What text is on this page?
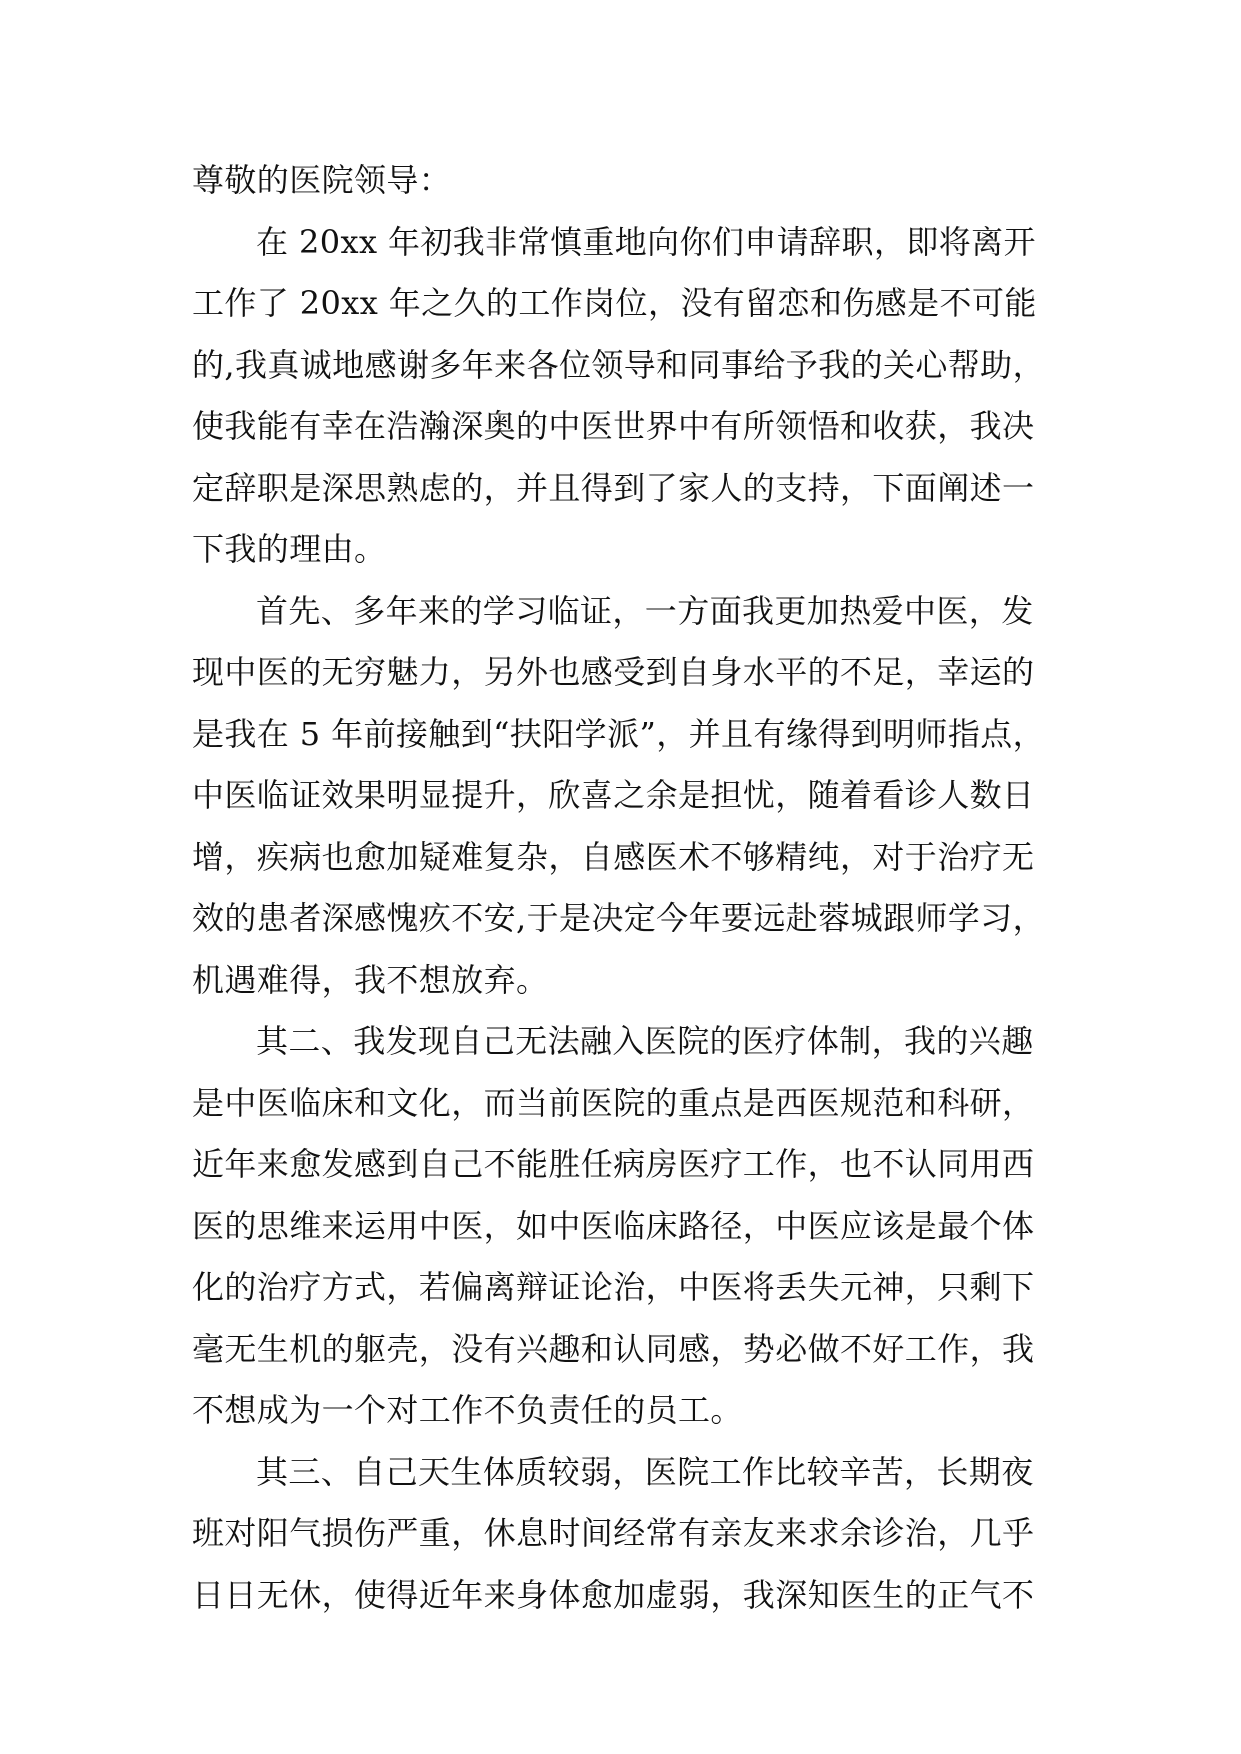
尊敬的医院领导：
在 20xx 年初我非常慎重地向你们申请辞职，即将离开
工作了 20xx 年之久的工作岗位，没有留恋和伤感是不可能
的,我真诚地感谢多年来各位领导和同事给予我的关心帮助，
使我能有幸在浩瀚深奥的中医世界中有所领悟和收获，我决
定辞职是深思熟虑的，并且得到了家人的支持，下面阐述一
下我的理由。
首先、多年来的学习临证，一方面我更加热爱中医，发
现中医的无穷魅力，另外也感受到自身水平的不足，幸运的
是我在 5 年前接触到“扶阳学派”，并且有缘得到明师指点，
中医临证效果明显提升，欣喜之余是担忧，随着看诊人数日
增，疾病也愈加疑难复杂，自感医术不够精纯，对于治疗无
效的患者深感愧疚不安,于是决定今年要远赴蓉城跟师学习，
机遇难得，我不想放弃。
其二、我发现自己无法融入医院的医疗体制，我的兴趣
是中医临床和文化，而当前医院的重点是西医规范和科研，
近年来愈发感到自己不能胜任病房医疗工作，也不认同用西
医的思维来运用中医，如中医临床路径，中医应该是最个体
化的治疗方式，若偏离辩证论治，中医将丢失元神，只剩下
毫无生机的躯壳，没有兴趣和认同感，势必做不好工作，我
不想成为一个对工作不负责任的员工。
其三、自己天生体质较弱，医院工作比较辛苦，长期夜
班对阳气损伤严重，休息时间经常有亲友来求余诊治，几乎
日日无休，使得近年来身体愈加虚弱，我深知医生的正气不
